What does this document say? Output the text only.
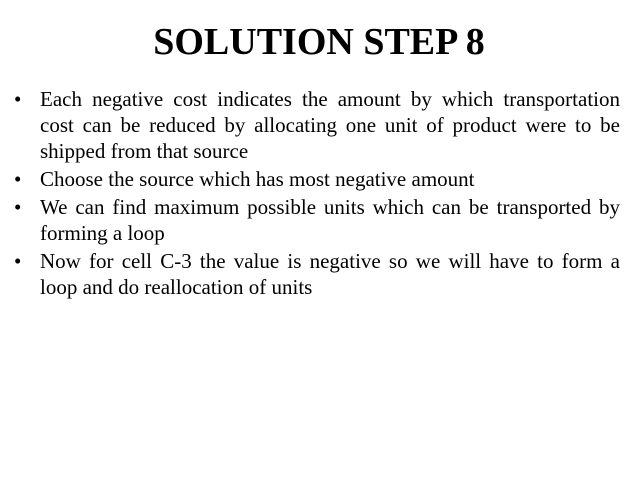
SOLUTION STEP 8
• Each negative cost indicates the amount by which transportation cost can be reduced by allocating one unit of product were to be shipped from that source
• Choose the source which has most negative amount
• We can find maximum possible units which can be transported by forming a loop
• Now for cell C-3 the value is negative so we will have to form a loop and do reallocation of units
